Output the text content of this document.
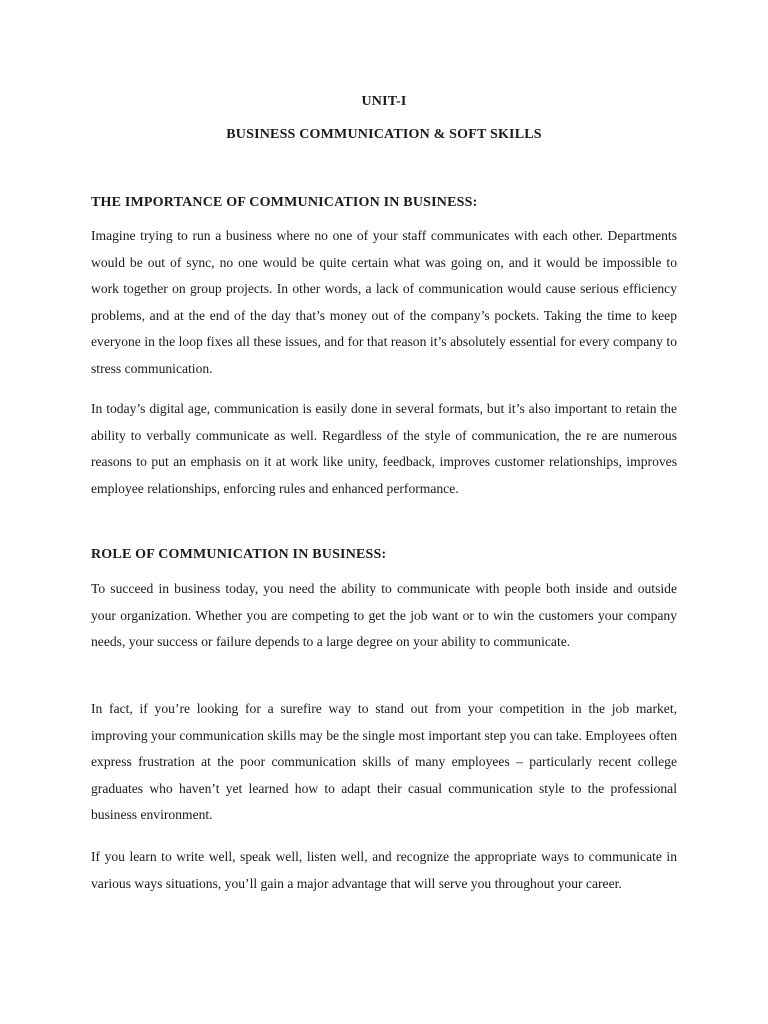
UNIT-I
BUSINESS COMMUNICATION & SOFT SKILLS
THE IMPORTANCE OF COMMUNICATION IN BUSINESS:

Imagine trying to run a business where no one of your staff communicates with each other. Departments would be out of sync, no one would be quite certain what was going on, and it would be impossible to work together on group projects. In other words, a lack of communication would cause serious efficiency problems, and at the end of the day that’s money out of the company’s pockets. Taking the time to keep everyone in the loop fixes all these issues, and for that reason it’s absolutely essential for every company to stress communication.

In today’s digital age, communication is easily done in several formats, but it’s also important to retain the ability to verbally communicate as well. Regardless of the style of communication, the re are numerous reasons to put an emphasis on it at work like unity, feedback, improves customer relationships, improves employee relationships, enforcing rules and enhanced performance.

ROLE OF COMMUNICATION IN BUSINESS:

To succeed in business today, you need the ability to communicate with people both inside and outside your organization. Whether you are competing to get the job want or to win the customers your company needs, your success or failure depends to a large degree on your ability to communicate.

In fact, if you’re looking for a surefire way to stand out from your competition in the job market, improving your communication skills may be the single most important step you can take. Employees often express frustration at the poor communication skills of many employees – particularly recent college graduates who haven’t yet learned how to adapt their casual communication style to the professional business environment.

If you learn to write well, speak well, listen well, and recognize the appropriate ways to communicate in various ways situations, you’ll gain a major advantage that will serve you throughout your career.
